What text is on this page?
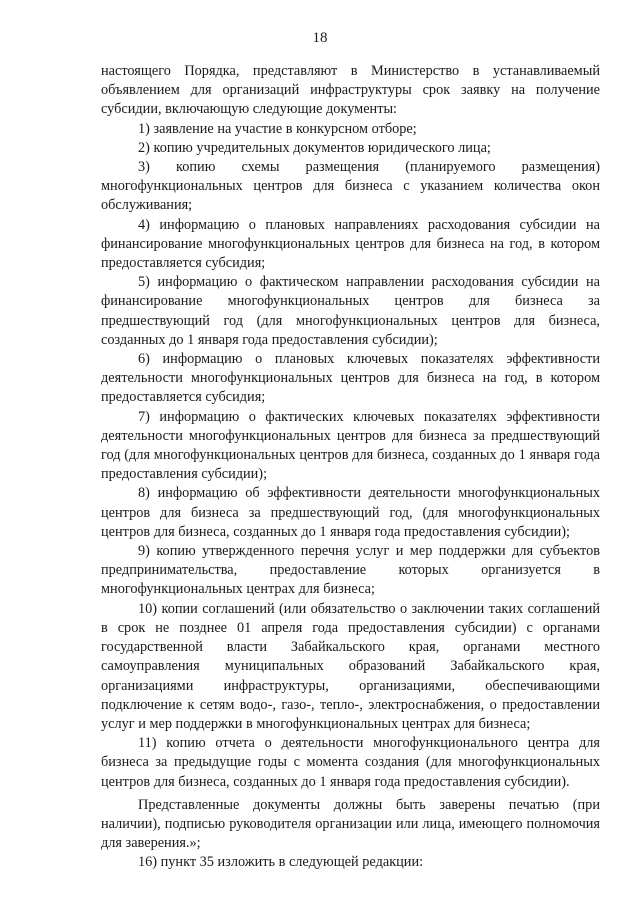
18

настоящего Порядка, представляют в Министерство в устанавливаемый объявлением для организаций инфраструктуры срок заявку на получение субсидии, включающую следующие документы:

1) заявление на участие в конкурсном отборе;

2) копию учредительных документов юридического лица;

3) копию схемы размещения (планируемого размещения) многофункциональных центров для бизнеса с указанием количества окон обслуживания;

4) информацию о плановых направлениях расходования субсидии на финансирование многофункциональных центров для бизнеса на год, в котором предоставляется субсидия;

5) информацию о фактическом направлении расходования субсидии на финансирование многофункциональных центров для бизнеса за предшествующий год (для многофункциональных центров для бизнеса, созданных до 1 января года предоставления субсидии);

6) информацию о плановых ключевых показателях эффективности деятельности многофункциональных центров для бизнеса на год, в котором предоставляется субсидия;

7) информацию о фактических ключевых показателях эффективности деятельности многофункциональных центров для бизнеса за предшествующий год (для многофункциональных центров для бизнеса, созданных до 1 января года предоставления субсидии);

8) информацию об эффективности деятельности многофункциональных центров для бизнеса за предшествующий год, (для многофункциональных центров для бизнеса, созданных до 1 января года предоставления субсидии);

9) копию утвержденного перечня услуг и мер поддержки для субъектов предпринимательства, предоставление которых организуется в многофункциональных центрах для бизнеса;

10) копии соглашений (или обязательство о заключении таких соглашений в срок не позднее 01 апреля года предоставления субсидии) с органами государственной власти Забайкальского края, органами местного самоуправления муниципальных образований Забайкальского края, организациями инфраструктуры, организациями, обеспечивающими подключение к сетям водо-, газо-, тепло-, электроснабжения, о предоставлении услуг и мер поддержки в многофункциональных центрах для бизнеса;

11) копию отчета о деятельности многофункционального центра для бизнеса за предыдущие годы с момента создания (для многофункциональных центров для бизнеса, созданных до 1 января года предоставления субсидии).

Представленные документы должны быть заверены печатью (при наличии), подписью руководителя организации или лица, имеющего полномочия для заверения.»;

16) пункт 35 изложить в следующей редакции:
